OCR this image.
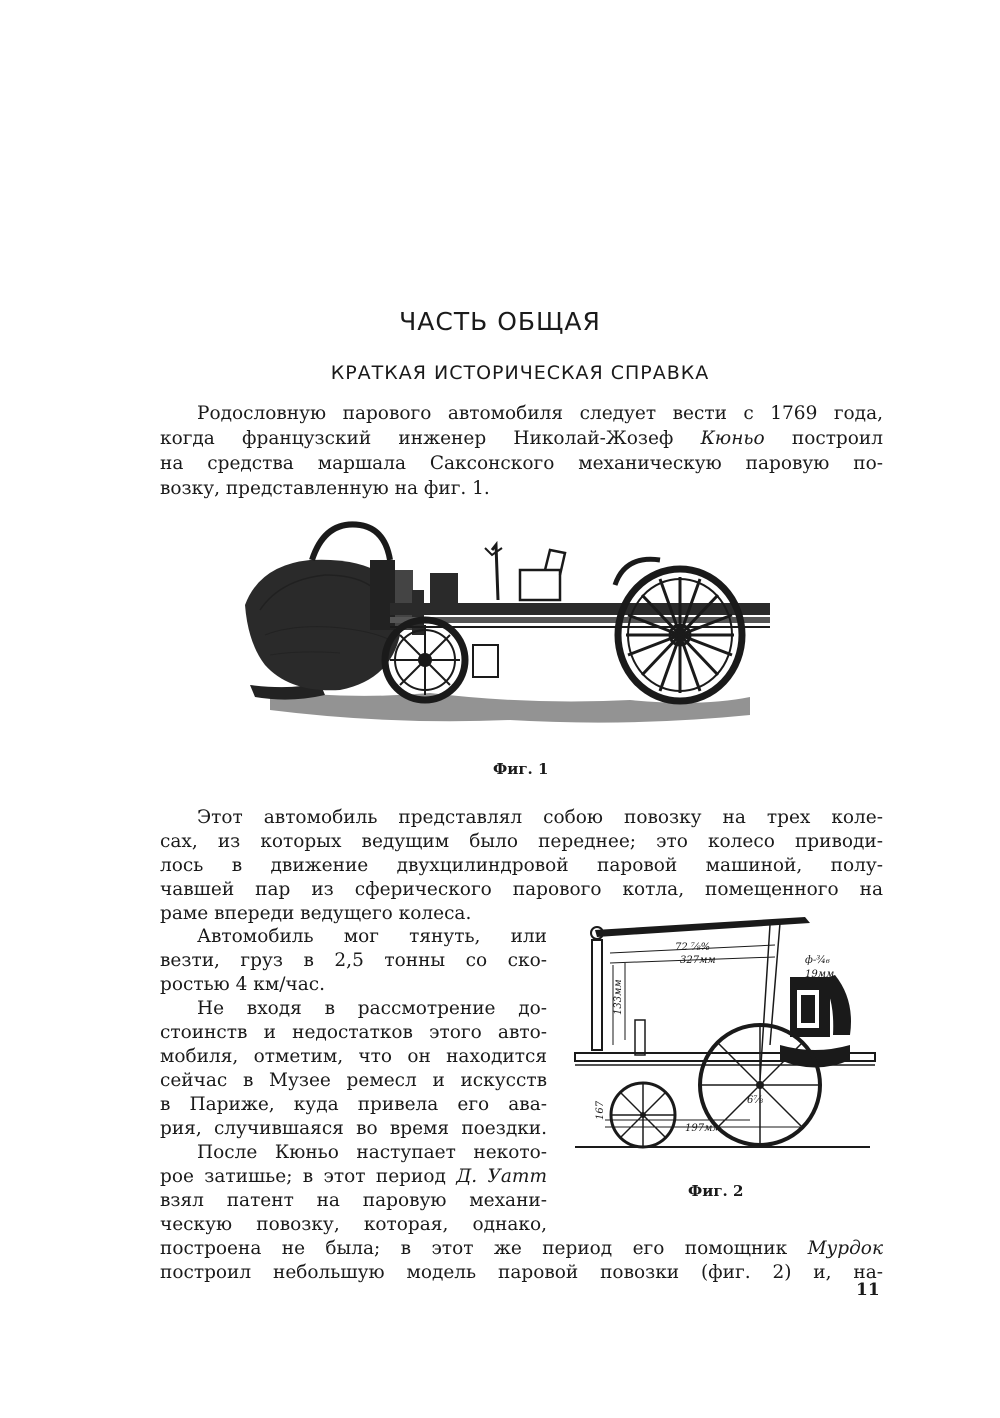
ЧАСТЬ ОБЩАЯ
КРАТКАЯ ИСТОРИЧЕСКАЯ СПРАВКА
Родословную парового автомобиля следует вести с 1769 года,
когда французский инженер Николай-Жозеф Кюньо построил
на средства маршала Саксонского механическую паровую по-
возку, представленную на фиг. 1.
Фиг. 1
Этот автомобиль представлял собою повозку на трех коле-
сах, из которых ведущим было переднее; это колесо приводи-
лось в движение двухцилиндровой паровой машиной, полу-
чавшей пар из сферического парового котла, помещенного на
раме впереди ведущего колеса.
Автомобиль мог тянуть, или
везти, груз в 2,5 тонны со ско-
ростью 4 км/час.
Не входя в рассмотрение до-
стоинств и недостатков этого авто-
мобиля, отметим, что он находится
сейчас в Музее ремесл и искусств
в Париже, куда привела его ава-
рия, случившаяся во время поездки.
После Кюньо наступает некото-
рое затишье; в этот период Д. Уатт
взял патент на паровую механи-
ческую повозку, которая, однако,
построена не была; в этот же период его помощник Мурдок
построил небольшую модель паровой повозки (фиг. 2) и, на-
72 ⅞%
327мм	ф-¾₆
19мм
133мм
6⅞
197мм
167
Фиг. 2
11
